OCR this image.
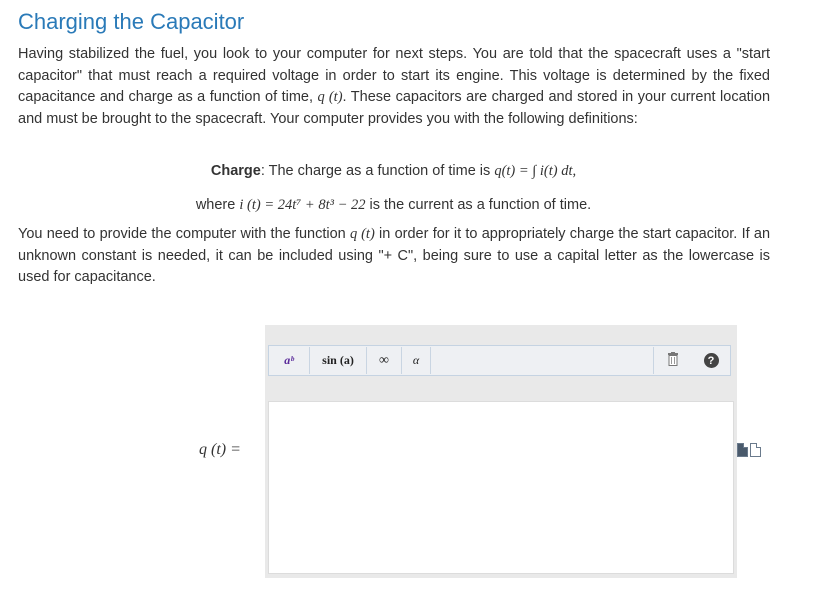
Charging the Capacitor

Having stabilized the fuel, you look to your computer for next steps. You are told that the spacecraft uses a "start capacitor" that must reach a required voltage in order to start its engine. This voltage is determined by the fixed capacitance and charge as a function of time, q (t). These capacitors are charged and stored in your current location and must be brought to the spacecraft. Your computer provides you with the following definitions:

Charge: The charge as a function of time is q(t) = ∫ i(t) dt,
where i (t) = 24t⁷ + 8t³ − 22 is the current as a function of time.

You need to provide the computer with the function q (t) in order for it to appropriately charge the start capacitor. If an unknown constant is needed, it can be included using "+ C", being sure to use a capital letter as the lowercase is used for capacitance.

q (t) =
aᵇ sin (a) ∞ α	?
